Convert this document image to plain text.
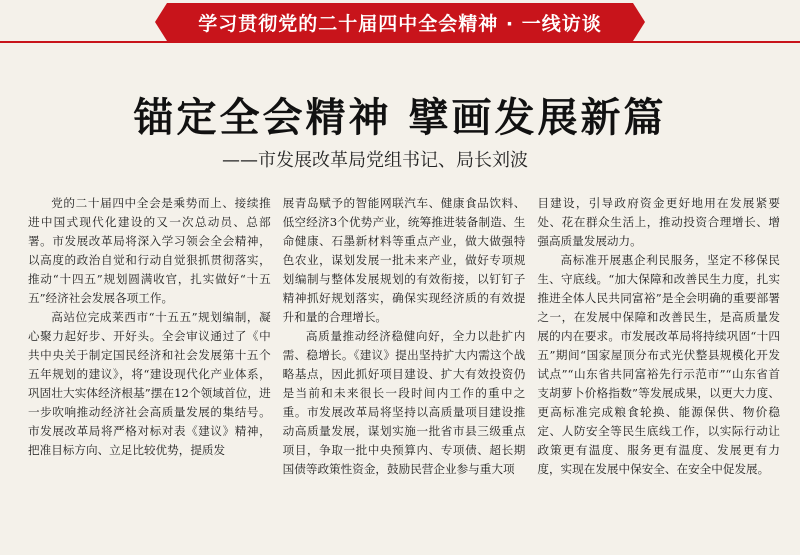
学习贯彻党的二十届四中全会精神 · 一线访谈
锚定全会精神 擘画发展新篇
——市发展改革局党组书记、局长刘波

党的二十届四中全会是乘势而上、接续推进中国式现代化建设的又一次总动员、总部署。市发展改革局将深入学习领会全会精神，以高度的政治自觉和行动自觉狠抓贯彻落实，推动“十四五”规划圆满收官，扎实做好“十五五”经济社会发展各项工作。

高站位完成莱西市“十五五”规划编制，凝心聚力起好步、开好头。全会审议通过了《中共中央关于制定国民经济和社会发展第十五个五年规划的建议》，将“建设现代化产业体系，巩固壮大实体经济根基”摆在12个领域首位，进一步吹响推动经济社会高质量发展的集结号。市发展改革局将严格对标对表《建议》精神，把准目标方向、立足比较优势，提质发

展青岛赋予的智能网联汽车、健康食品饮料、低空经济3个优势产业，统筹推进装备制造、生命健康、石墨新材料等重点产业，做大做强特色农业，谋划发展一批未来产业，做好专项规划编制与整体发展规划的有效衔接，以钉钉子精神抓好规划落实，确保实现经济质的有效提升和量的合理增长。

高质量推动经济稳健向好，全力以赴扩内需、稳增长。《建议》提出坚持扩大内需这个战略基点，因此抓好项目建设、扩大有效投资仍是当前和未来很长一段时间内工作的重中之重。市发展改革局将坚持以高质量项目建设推动高质量发展，谋划实施一批省市县三级重点项目，争取一批中央预算内、专项债、超长期国债等政策性资金，鼓励民营企业参与重大项

目建设，引导政府资金更好地用在发展紧要处、花在群众生活上，推动投资合理增长、增强高质量发展动力。

高标准开展惠企利民服务，坚定不移保民生、守底线。“加大保障和改善民生力度，扎实推进全体人民共同富裕”是全会明确的重要部署之一，在发展中保障和改善民生，是高质量发展的内在要求。市发展改革局将持续巩固“十四五”期间“国家屋顶分布式光伏整县规模化开发试点”“山东省共同富裕先行示范市”“山东省首支胡萝卜价格指数”等发展成果，以更大力度、更高标准完成粮食轮换、能源保供、物价稳定、人防安全等民生底线工作，以实际行动让政策更有温度、服务更有温度、发展更有力度，实现在发展中保安全、在安全中促发展。
